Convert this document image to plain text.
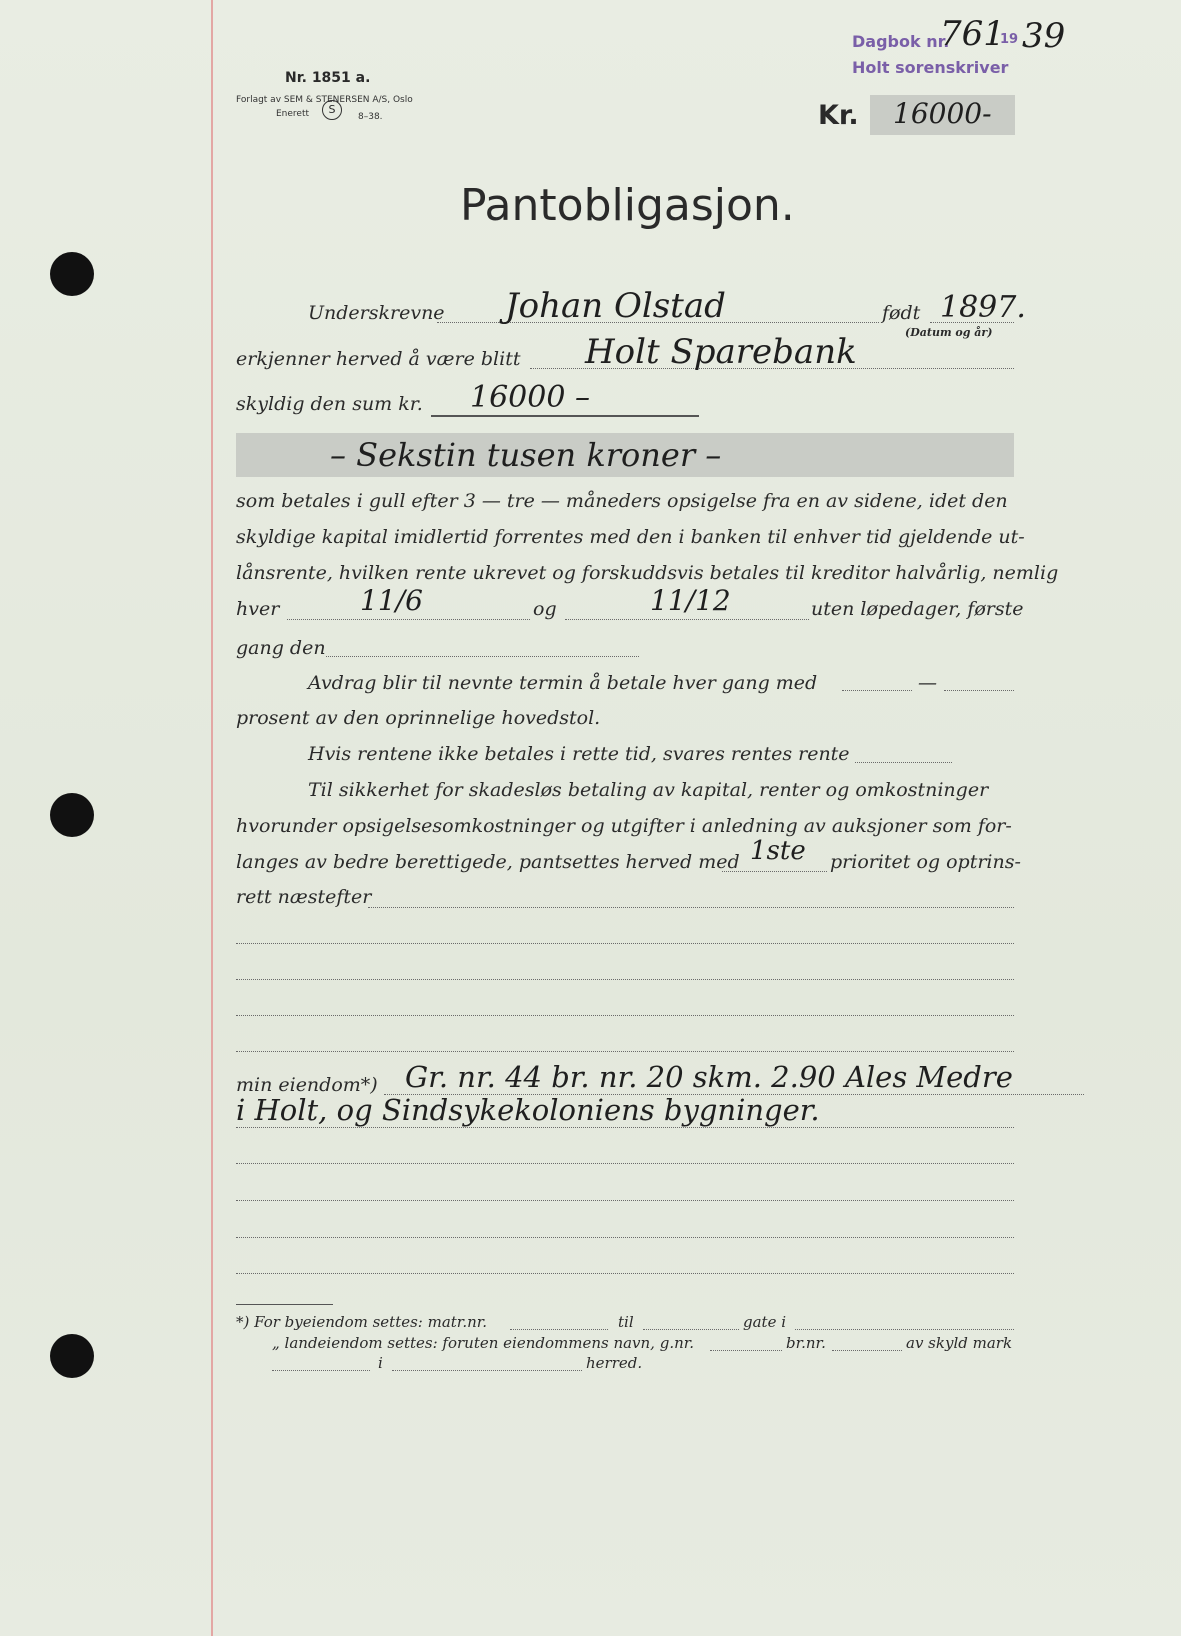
Nr. 1851 a.
Forlagt av SEM & STENERSEN A/S, Oslo
Enerett	S
8–38.
Dagbok nr.
761
19 39
Holt sorenskriver
Kr. 16000-
Pantobligasjon.
Underskrevne Johan Olstad	født 1897.
(Datum og år)
erkjenner herved å være blitt Holt Sparebank
skyldig den sum kr. 16000 –
– Sekstin tusen kroner –
som betales i gull efter 3 — tre — måneders opsigelse fra en av sidene, idet den
skyldige kapital imidlertid forrentes med den i banken til enhver tid gjeldende ut-
lånsrente, hvilken rente ukrevet og forskuddsvis betales til kreditor halvårlig, nemlig
hver	11/6	og	11/12	uten løpedager, første
gang den
Avdrag blir til nevnte termin å betale hver gang med	—
prosent av den oprinnelige hovedstol.
Hvis rentene ikke betales i rette tid, svares rentes rente
Til sikkerhet for skadesløs betaling av kapital, renter og omkostninger
hvorunder opsigelsesomkostninger og utgifter i anledning av auksjoner som for-
langes av bedre berettigede, pantsettes herved med 1ste prioritet og optrins-
rett næstefter
min eiendom*) Gr. nr. 44 br. nr. 20 skm. 2.90 Ales Medre
i Holt, og Sindsykekoloniens bygninger.
*) For byeiendom settes: matr.nr.	til	gate i
„ landeiendom settes: foruten eiendommens navn, g.nr.	br.nr.	av skyld mark
i	herred.
